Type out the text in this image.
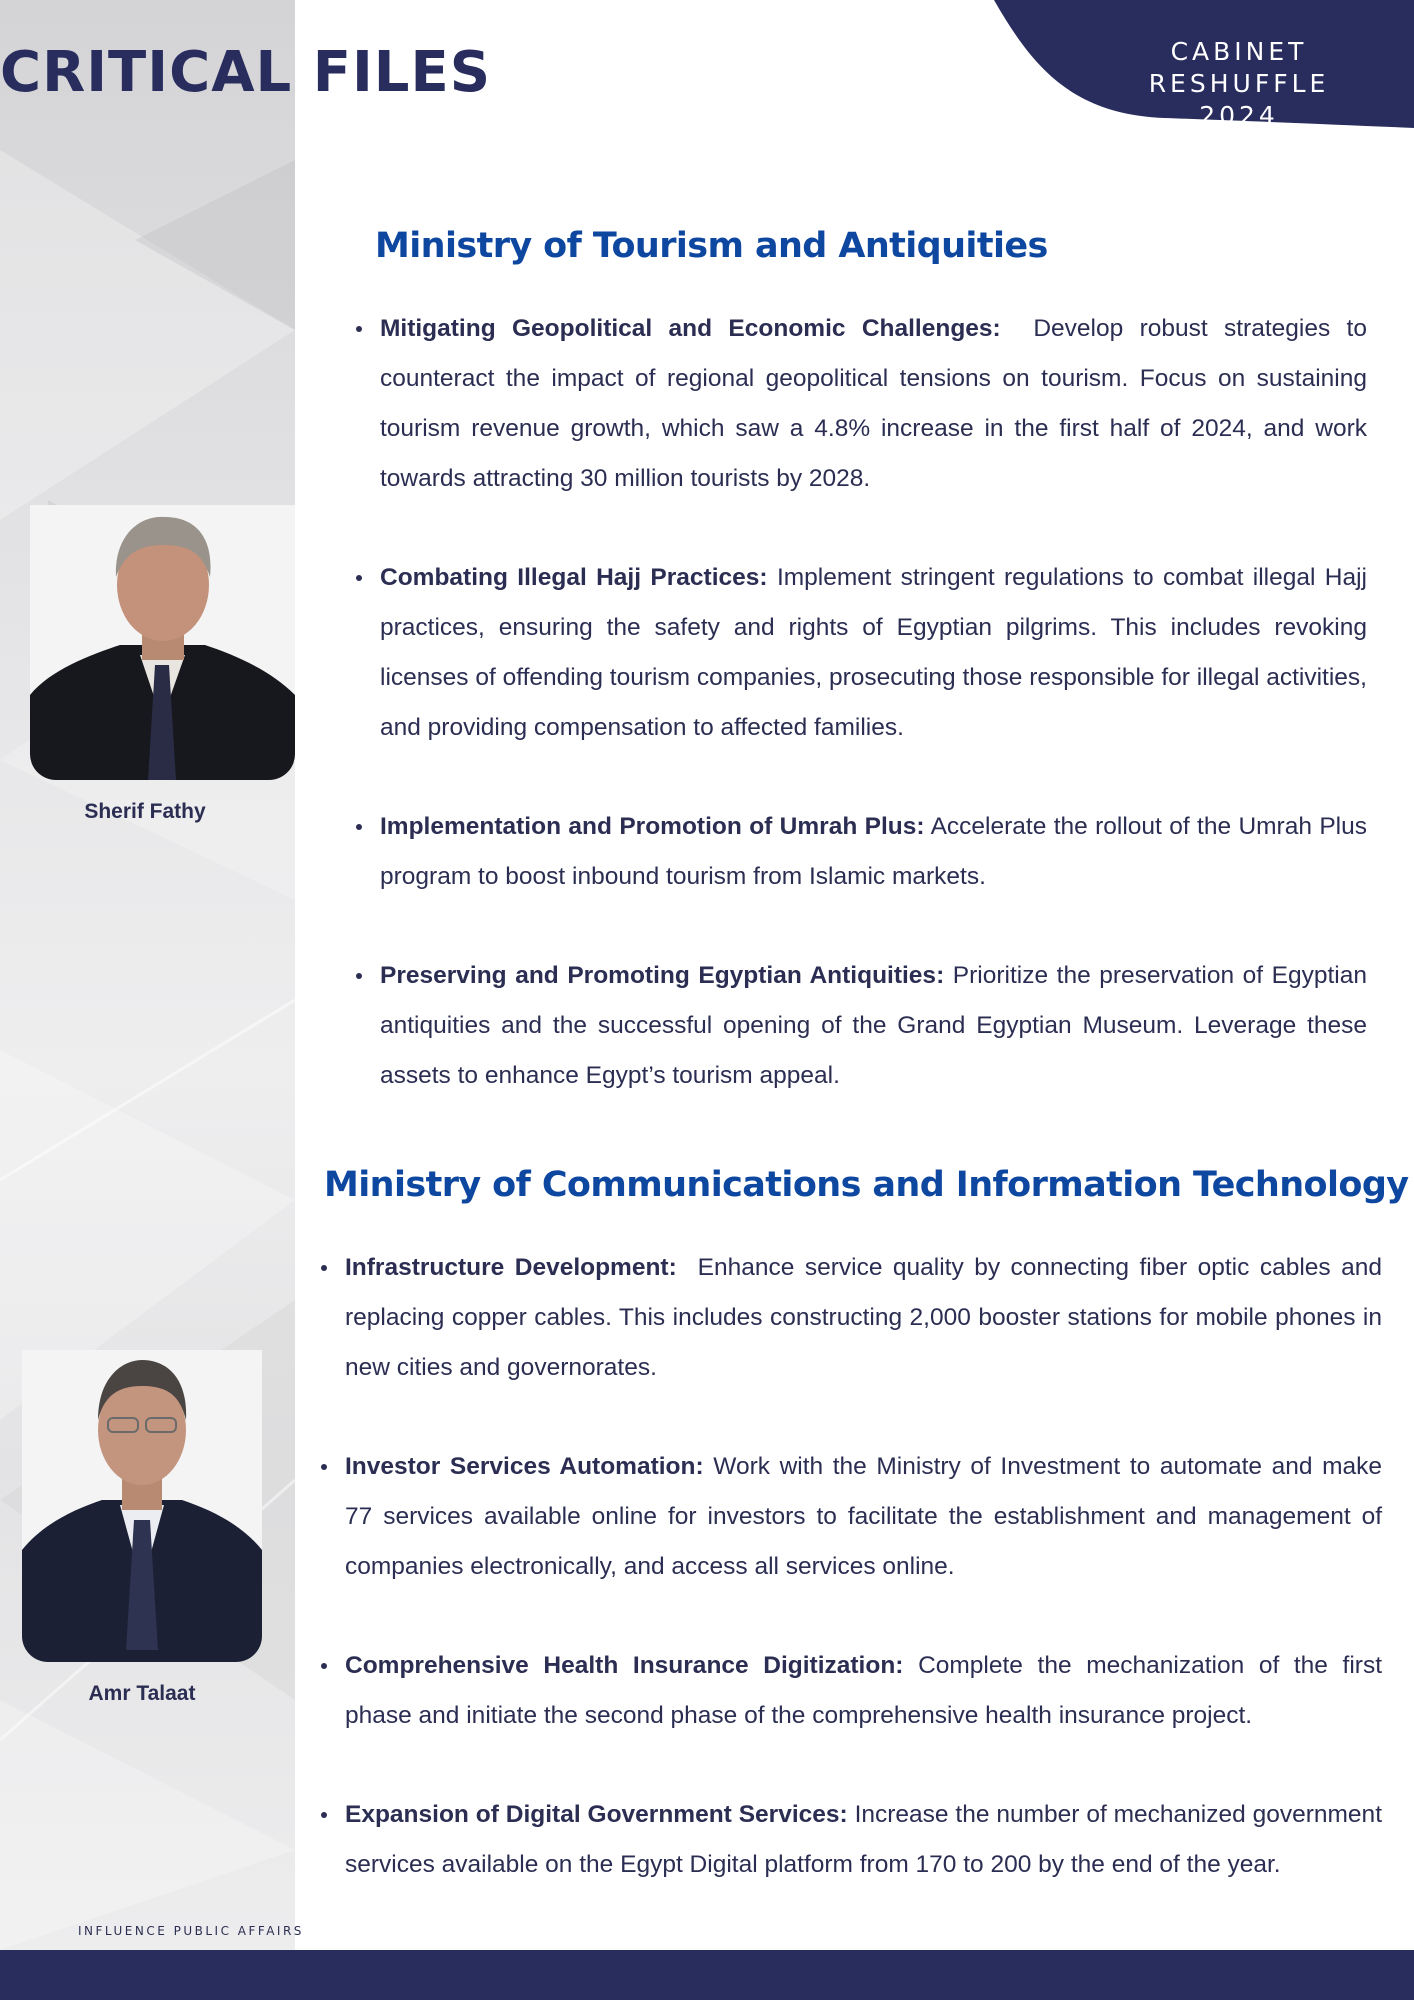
CRITICAL FILES	CABINET RESHUFFLE
2024
Sherif Fathy
Amr Talaat
Ministry of Tourism and Antiquities
Mitigating Geopolitical and Economic Challenges: Develop robust strategies to counteract the impact of regional geopolitical tensions on tourism. Focus on sustaining tourism revenue growth, which saw a 4.8% increase in the first half of 2024, and work towards attracting 30 million tourists by 2028.
Combating Illegal Hajj Practices: Implement stringent regulations to combat illegal Hajj practices, ensuring the safety and rights of Egyptian pilgrims. This includes revoking licenses of offending tourism companies, prosecuting those responsible for illegal activities, and providing compensation to affected families.
Implementation and Promotion of Umrah Plus: Accelerate the rollout of the Umrah Plus program to boost inbound tourism from Islamic markets.
Preserving and Promoting Egyptian Antiquities: Prioritize the preservation of Egyptian antiquities and the successful opening of the Grand Egyptian Museum. Leverage these assets to enhance Egypt’s tourism appeal.
Ministry of Communications and Information Technology
Infrastructure Development: Enhance service quality by connecting fiber optic cables and replacing copper cables. This includes constructing 2,000 booster stations for mobile phones in new cities and governorates.
Investor Services Automation: Work with the Ministry of Investment to automate and make 77 services available online for investors to facilitate the establishment and management of companies electronically, and access all services online.
Comprehensive Health Insurance Digitization: Complete the mechanization of the first phase and initiate the second phase of the comprehensive health insurance project.
Expansion of Digital Government Services: Increase the number of mechanized government services available on the Egypt Digital platform from 170 to 200 by the end of the year.
INFLUENCE PUBLIC AFFAIRS
